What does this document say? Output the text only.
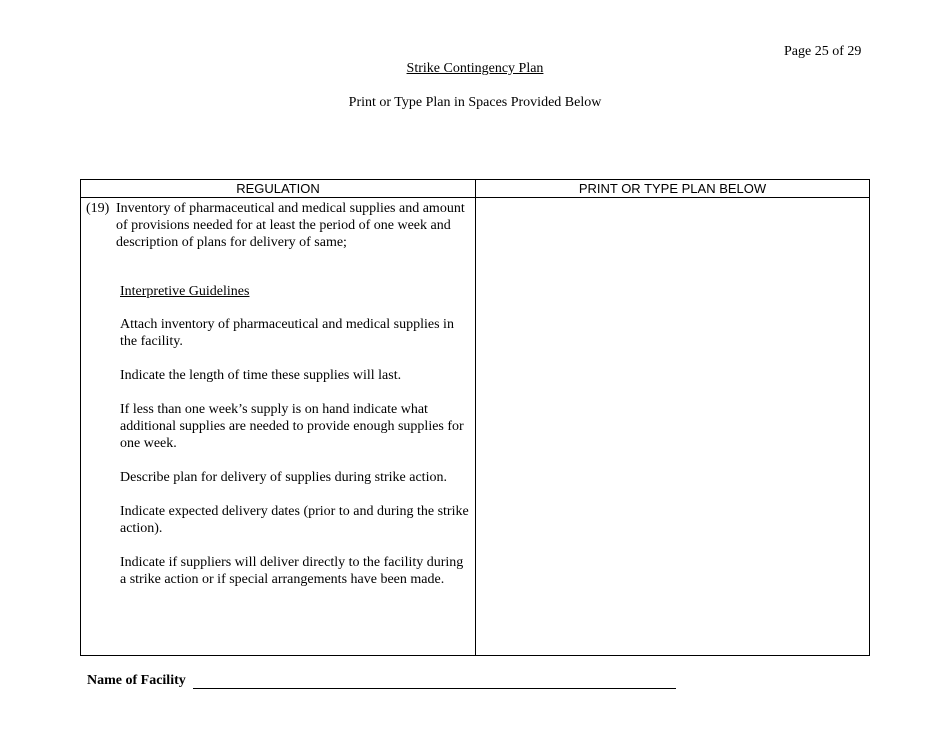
Page 25 of 29
Strike Contingency Plan
Print or Type Plan in Spaces Provided Below
REGULATION	PRINT OR TYPE PLAN BELOW
(19) Inventory of pharmaceutical and medical supplies and amount of provisions needed for at least the period of one week and description of plans for delivery of same;

Interpretive Guidelines

Attach inventory of pharmaceutical and medical supplies in the facility.

Indicate the length of time these supplies will last.

If less than one week’s supply is on hand indicate what additional supplies are needed to provide enough supplies for one week.

Describe plan for delivery of supplies during strike action.

Indicate expected delivery dates (prior to and during the strike action).

Indicate if suppliers will deliver directly to the facility during a strike action or if special arrangements have been made.

Name of Facility
